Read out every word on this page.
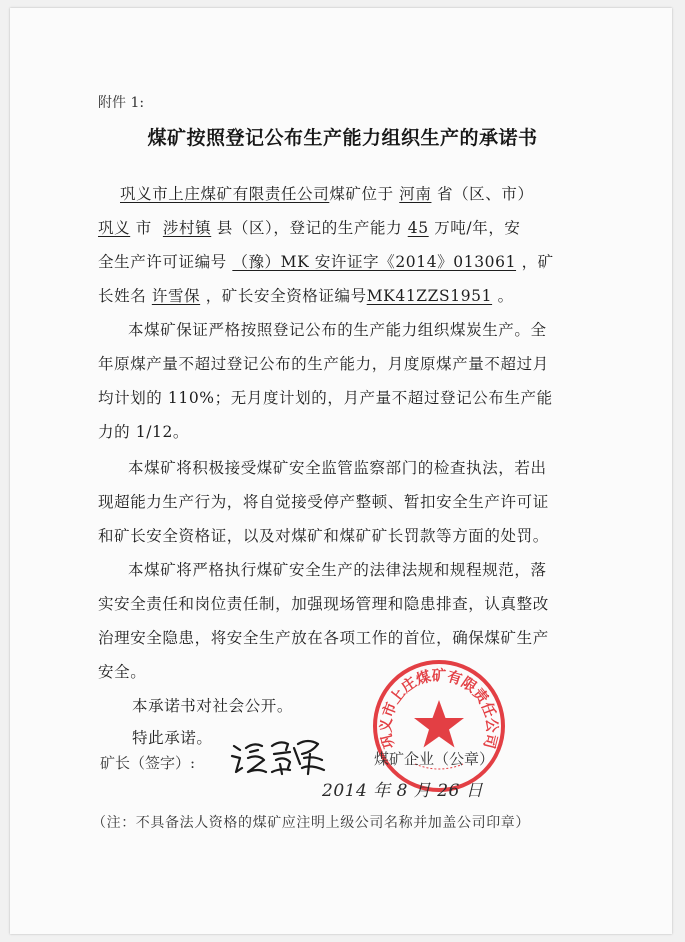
附件 1:
煤矿按照登记公布生产能力组织生产的承诺书
巩义市上庄煤矿有限责任公司煤矿位于 河南 省（区、市）
巩义 市 涉村镇 县（区），登记的生产能力 45 万吨/年，安
全生产许可证编号 （豫）MK 安许证字《2014》013061 ，矿
长姓名 许雪保 ，矿长安全资格证编号MK41ZZS1951 。
本煤矿保证严格按照登记公布的生产能力组织煤炭生产。全
年原煤产量不超过登记公布的生产能力，月度原煤产量不超过月
均计划的 110%；无月度计划的，月产量不超过登记公布生产能
力的 1/12。
本煤矿将积极接受煤矿安全监管监察部门的检查执法，若出
现超能力生产行为，将自觉接受停产整顿、暂扣安全生产许可证
和矿长安全资格证，以及对煤矿和煤矿矿长罚款等方面的处罚。
本煤矿将严格执行煤矿安全生产的法律法规和规程规范，落
实安全责任和岗位责任制，加强现场管理和隐患排查，认真整改
治理安全隐患，将安全生产放在各项工作的首位，确保煤矿生产
安全。
本承诺书对社会公开。
特此承诺。	巩义市上庄煤矿有限责任公司
矿长（签字）:	煤矿企业（公章）
2014 年 8 月 26 日
（注：不具备法人资格的煤矿应注明上级公司名称并加盖公司印章）
